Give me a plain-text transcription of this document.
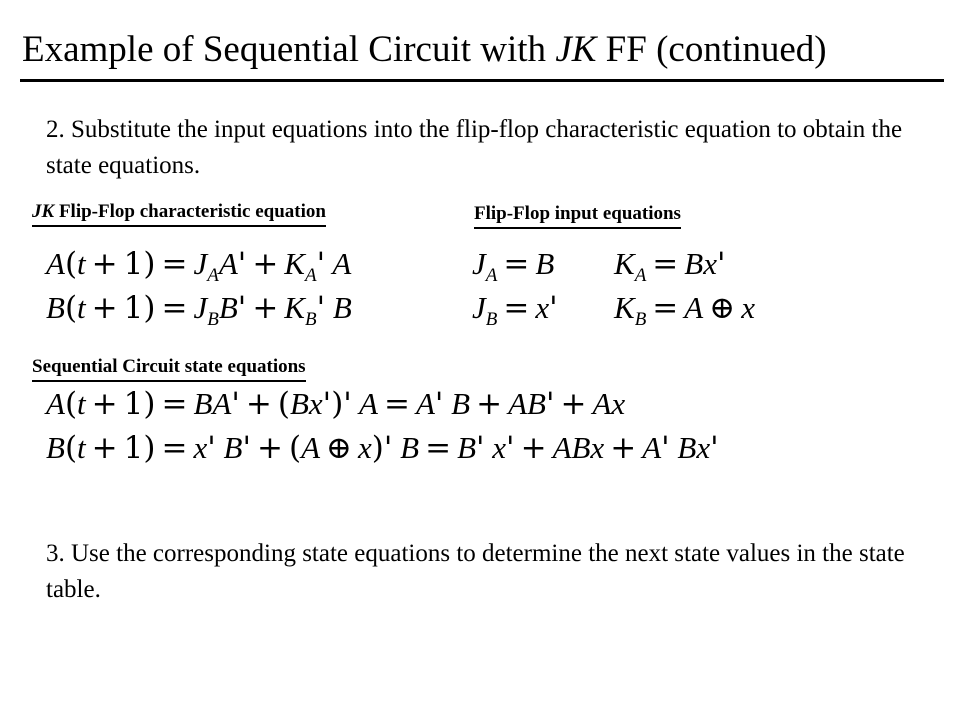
Example of Sequential Circuit with JK FF (continued)
2. Substitute the input equations into the flip-flop characteristic equation to obtain the state equations.
JK Flip-Flop characteristic equation	Flip-Flop input equations
$A(t + 1) = J_AA' + K_A'$ A
$B(t + 1) = J_BB' + K_B'$ B
$J_A = B$ $K_A = Bx'$
$J_B = x'$ $K_B = A$ ⊕ x
Sequential Circuit state equations
A(t + 1) = BA' + (Bx')' A = A' B + AB' + Ax
B(t + 1) = x' B' + (A ⊕ x)' B = B' x' + ABx + A' Bx'
3. Use the corresponding state equations to determine the next state values in the state table.
